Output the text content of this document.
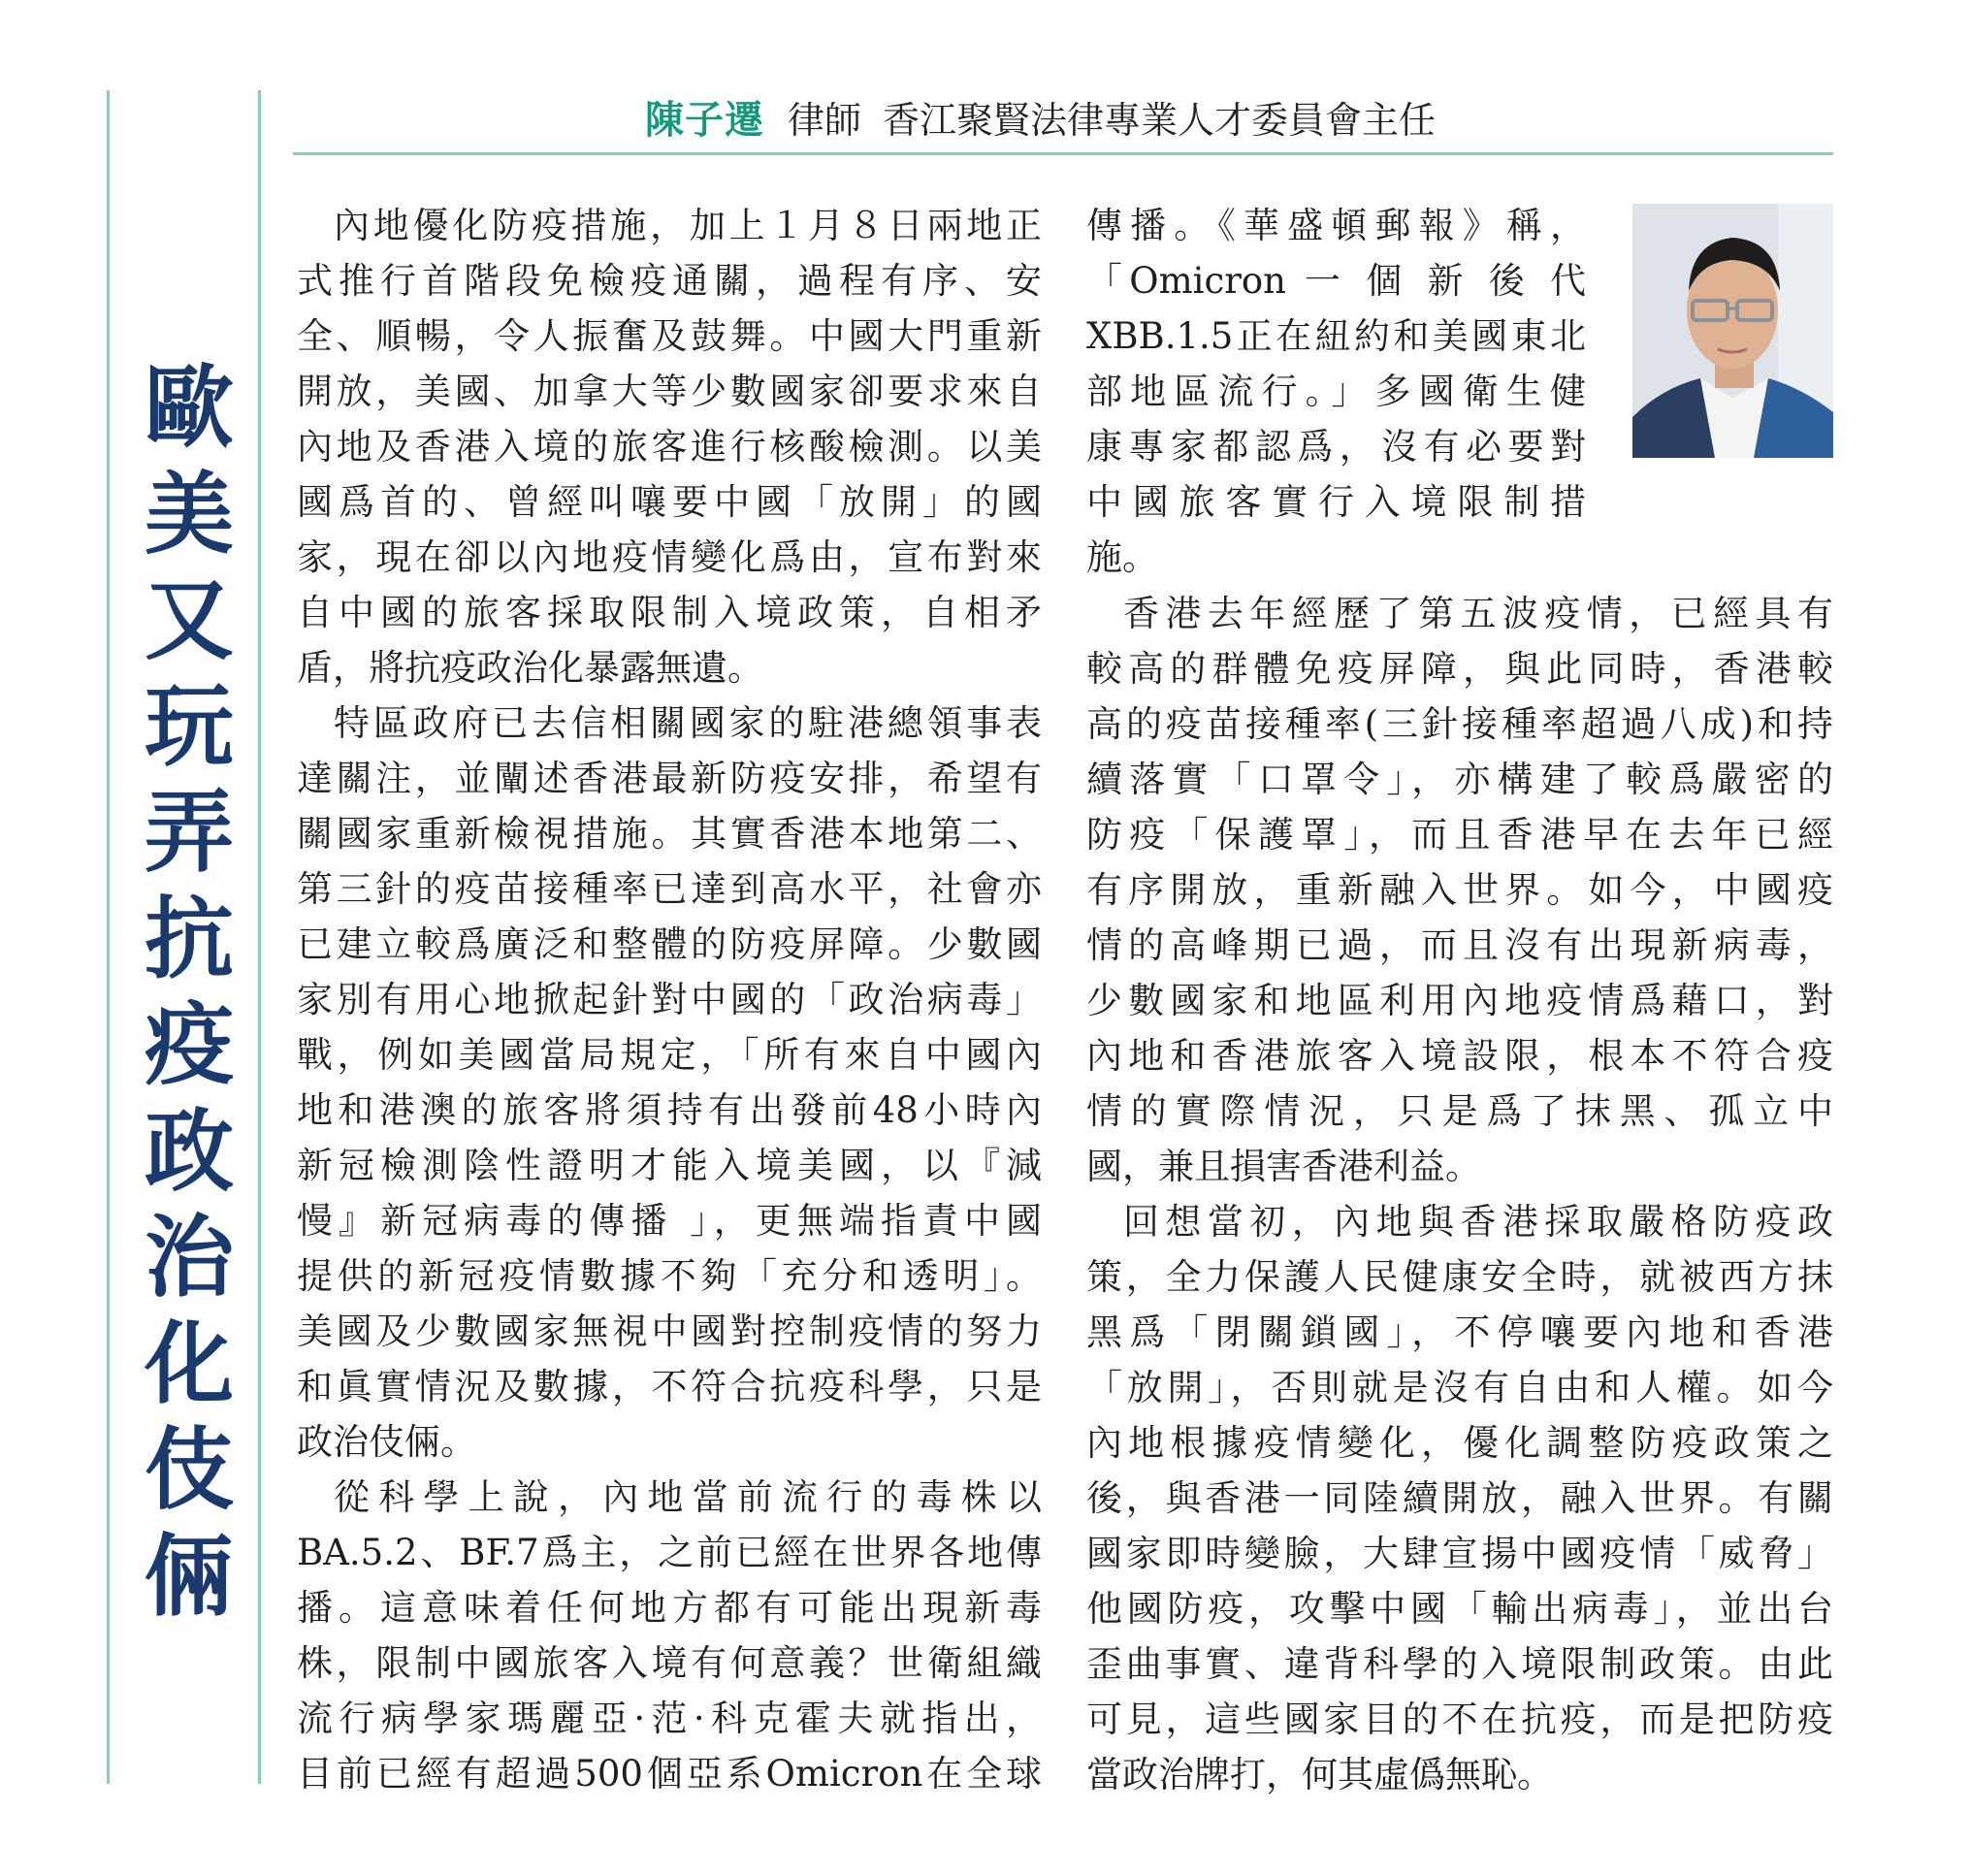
陳子遷 律師 香江聚賢法律專業人才委員會主任
歐
美
又
玩
弄
抗
疫
政
治
化
伎
倆
內地優化防疫措施，加上１月８日兩地正
式推行首階段免檢疫通關，過程有序、安
全、順暢，令人振奮及鼓舞。中國大門重新
開放，美國、加拿大等少數國家卻要求來自
內地及香港入境的旅客進行核酸檢測。以美
國爲首的、曾經叫嚷要中國「放開」的國
家，現在卻以內地疫情變化爲由，宣布對來
自中國的旅客採取限制入境政策，自相矛
盾，將抗疫政治化暴露無遺。
特區政府已去信相關國家的駐港總領事表
達關注，並闡述香港最新防疫安排，希望有
關國家重新檢視措施。其實香港本地第二、
第三針的疫苗接種率已達到高水平，社會亦
已建立較爲廣泛和整體的防疫屏障。少數國
家別有用心地掀起針對中國的「政治病毒」
戰，例如美國當局規定，「所有來自中國內
地和港澳的旅客將須持有出發前48小時內
新冠檢測陰性證明才能入境美國，以『減
慢』新冠病毒的傳播 」，更無端指責中國
提供的新冠疫情數據不夠「充分和透明」。
美國及少數國家無視中國對控制疫情的努力
和眞實情況及數據，不符合抗疫科學，只是
政治伎倆。
從科學上說，內地當前流行的毒株以
BA.5.2、BF.7爲主，之前已經在世界各地傳
播。這意味着任何地方都有可能出現新毒
株，限制中國旅客入境有何意義？世衛組織
流行病學家瑪麗亞·范·科克霍夫就指出，
目前已經有超過500個亞系Omicron在全球
傳播。《華盛頓郵報》稱，
「Omicron 一 個 新 後 代
XBB.1.5正在紐約和美國東北
部地區流行。」多國衛生健
康專家都認爲，沒有必要對
中國旅客實行入境限制措
施。
香港去年經歷了第五波疫情，已經具有
較高的群體免疫屏障，與此同時，香港較
高的疫苗接種率(三針接種率超過八成)和持
續落實「口罩令」，亦構建了較爲嚴密的
防疫「保護罩」，而且香港早在去年已經
有序開放，重新融入世界。如今，中國疫
情的高峰期已過，而且沒有出現新病毒，
少數國家和地區利用內地疫情爲藉口，對
內地和香港旅客入境設限，根本不符合疫
情的實際情況，只是爲了抹黑、孤立中
國，兼且損害香港利益。
回想當初，內地與香港採取嚴格防疫政
策，全力保護人民健康安全時，就被西方抹
黑爲「閉關鎖國」，不停嚷要內地和香港
「放開」，否則就是沒有自由和人權。如今
內地根據疫情變化，優化調整防疫政策之
後，與香港一同陸續開放，融入世界。有關
國家即時變臉，大肆宣揚中國疫情「威脅」
他國防疫，攻擊中國「輸出病毒」，並出台
歪曲事實、違背科學的入境限制政策。由此
可見，這些國家目的不在抗疫，而是把防疫
當政治牌打，何其虛僞無恥。
